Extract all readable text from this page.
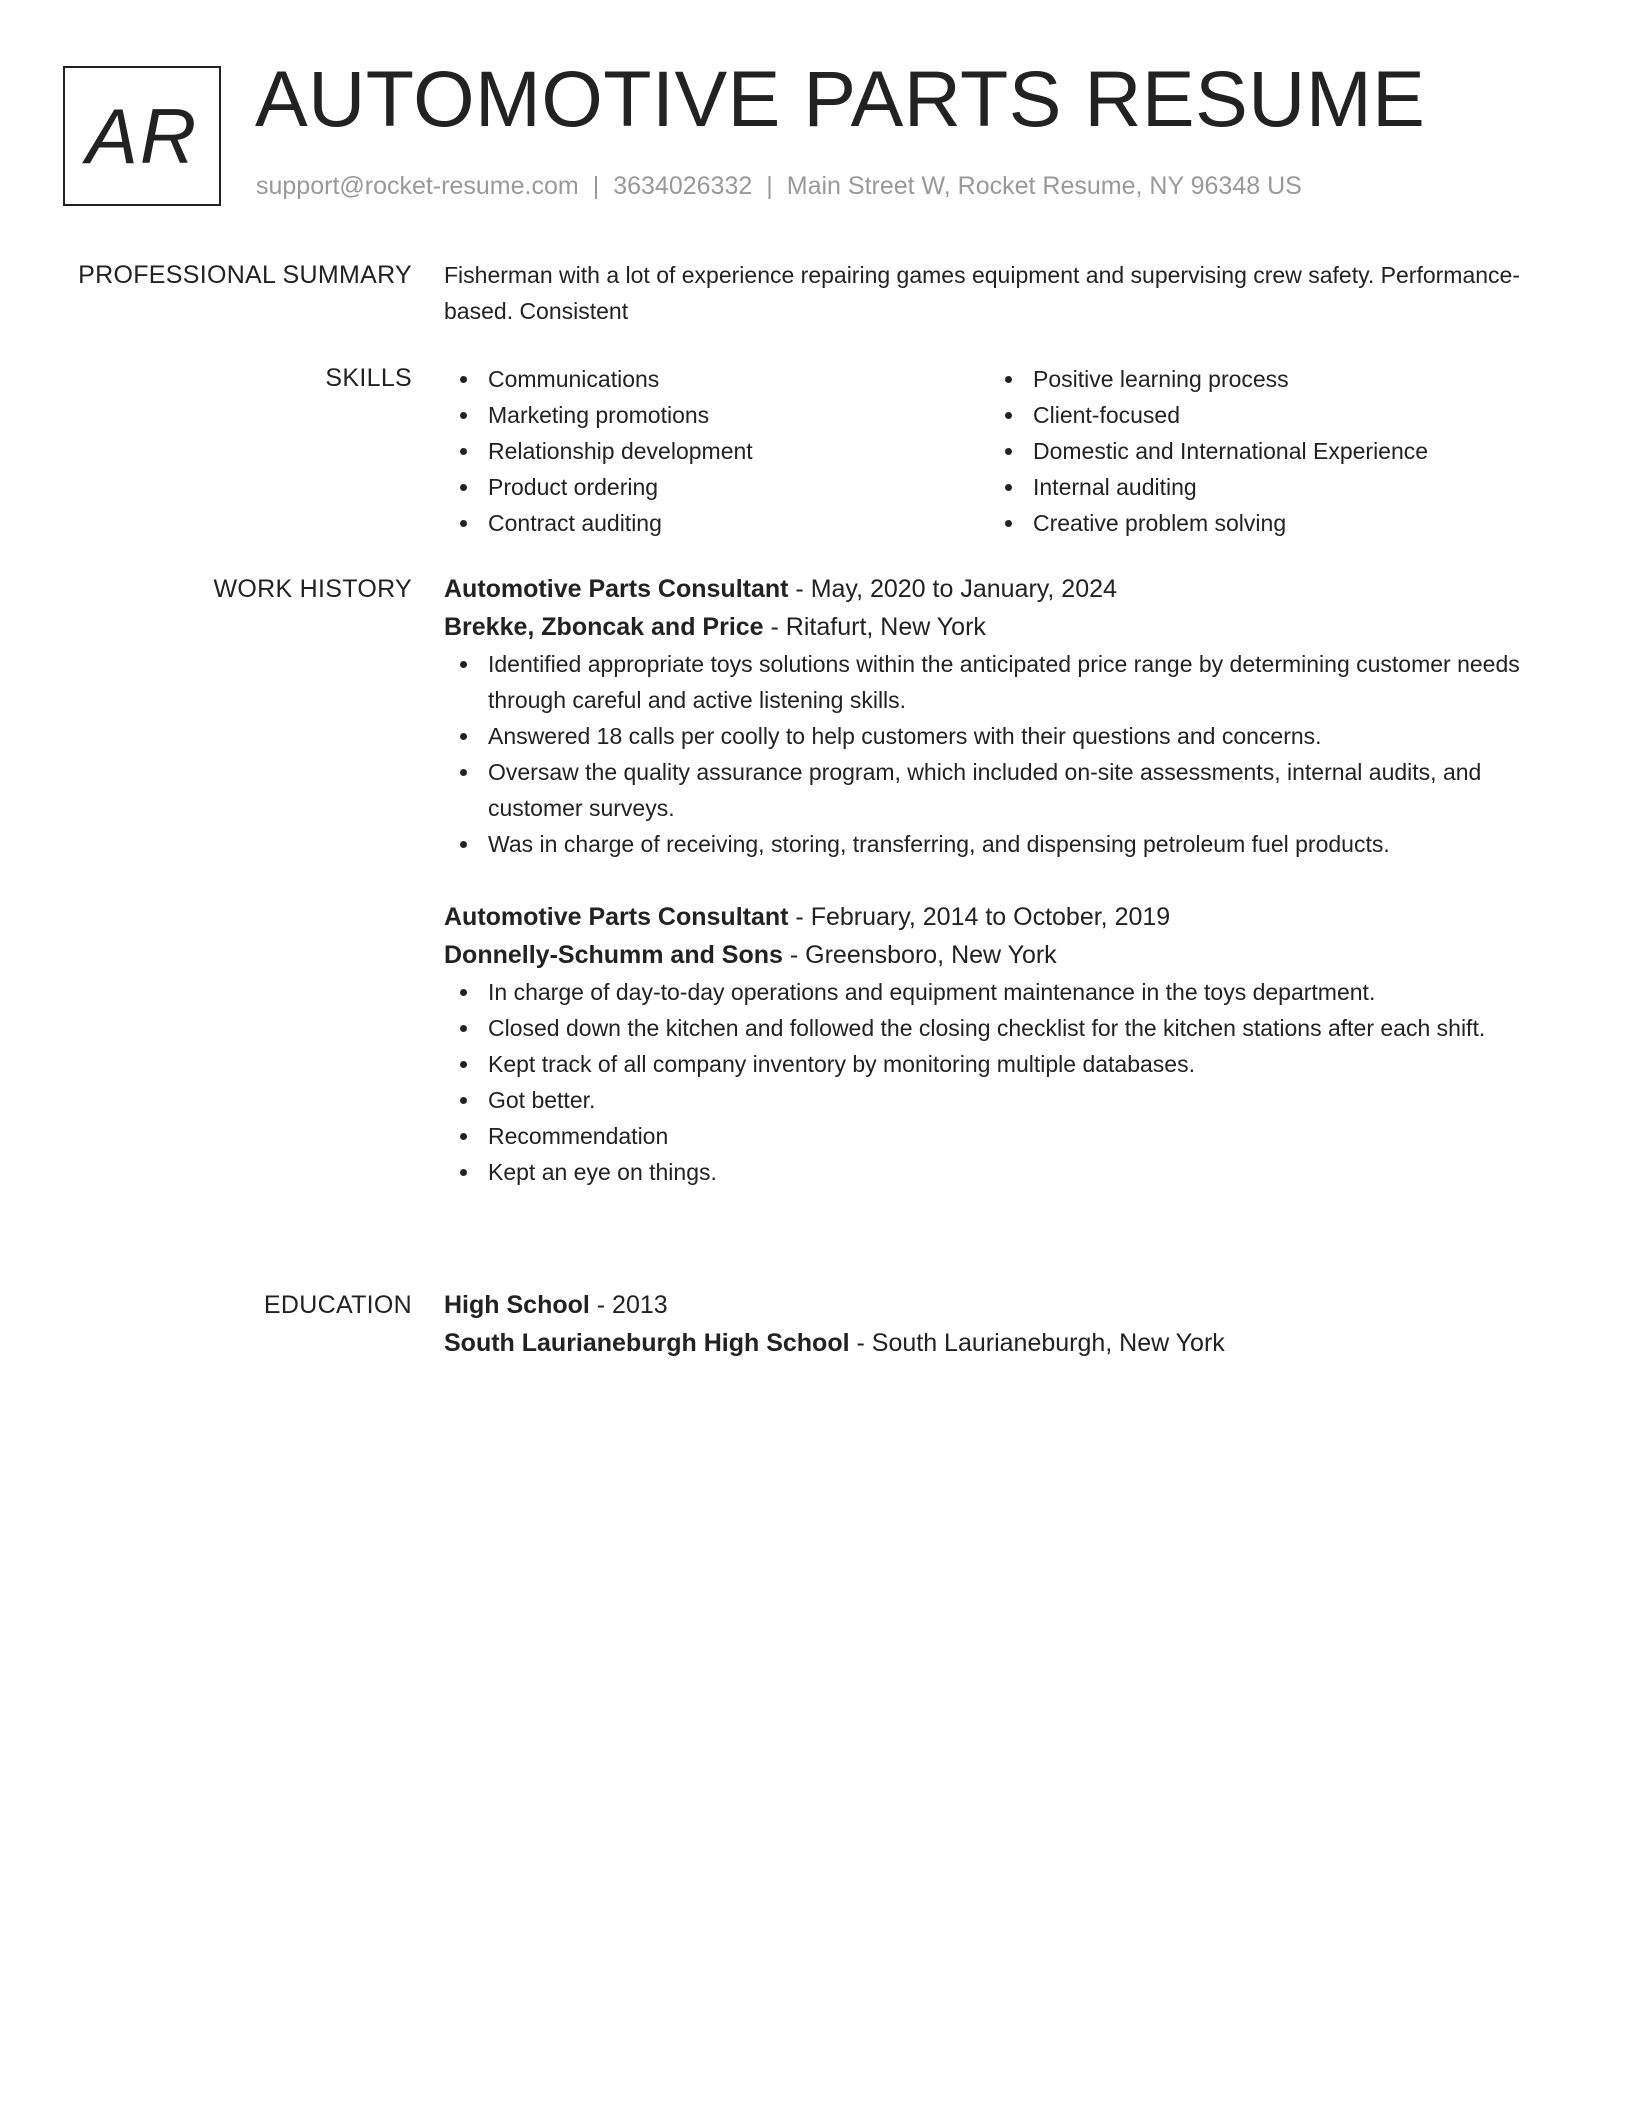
AR AUTOMOTIVE PARTS RESUME
support@rocket-resume.com | 3634026332 | Main Street W, Rocket Resume, NY 96348 US
PROFESSIONAL SUMMARY Fisherman with a lot of experience repairing games equipment and supervising crew safety. Performance-based. Consistent

SKILLS	Communications
Marketing promotions
Relationship development
Product ordering
Contract auditing
Positive learning process
Client-focused
Domestic and International Experience
Internal auditing
Creative problem solving
WORK HISTORY Automotive Parts Consultant - May, 2020 to January, 2024
Brekke, Zboncak and Price - Ritafurt, New York
Identified appropriate toys solutions within the anticipated price range by determining customer needs through careful and active listening skills.
Answered 18 calls per coolly to help customers with their questions and concerns.
Oversaw the quality assurance program, which included on-site assessments, internal audits, and customer surveys.
Was in charge of receiving, storing, transferring, and dispensing petroleum fuel products.
Automotive Parts Consultant - February, 2014 to October, 2019
Donnelly-Schumm and Sons - Greensboro, New York
In charge of day-to-day operations and equipment maintenance in the toys department.
Closed down the kitchen and followed the closing checklist for the kitchen stations after each shift.
Kept track of all company inventory by monitoring multiple databases.
Got better.
Recommendation
Kept an eye on things.
EDUCATION High School - 2013
South Laurianeburgh High School - South Laurianeburgh, New York
